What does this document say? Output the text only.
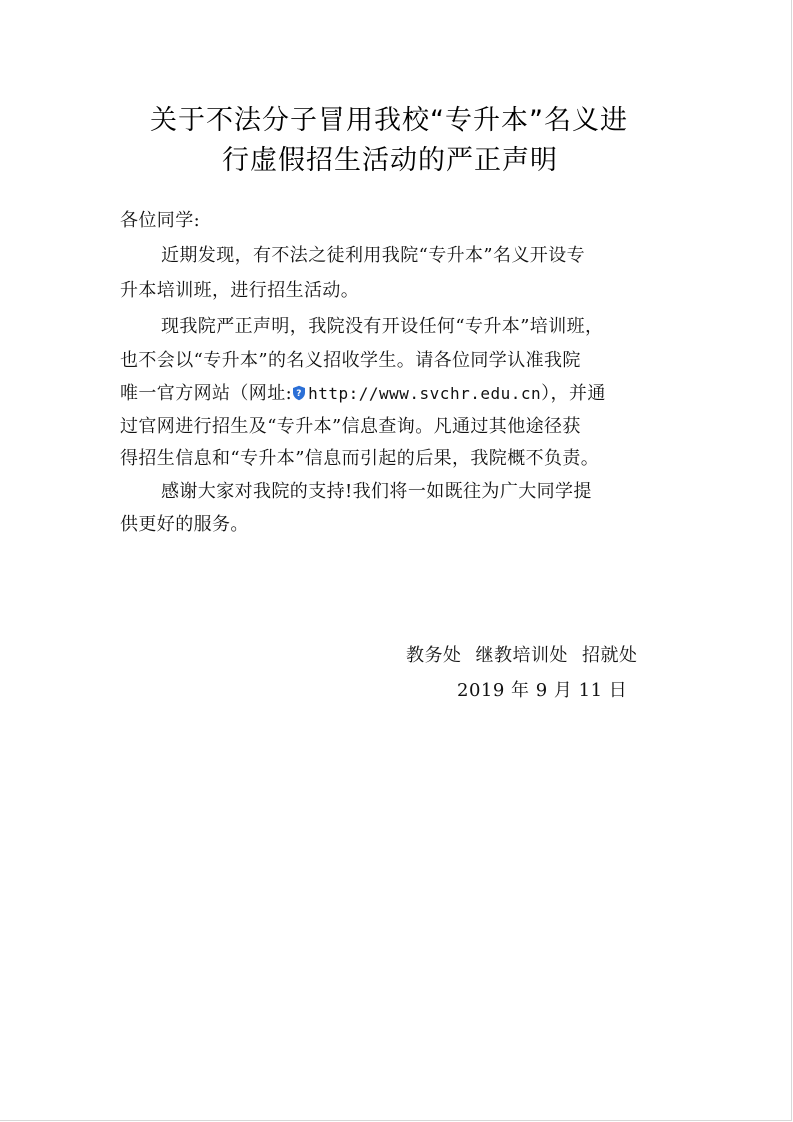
关于不法分子冒用我校“专升本”名义进
行虚假招生活动的严正声明
各位同学:
近期发现，有不法之徒利用我院“专升本”名义开设专
升本培训班，进行招生活动。
现我院严正声明，我院没有开设任何“专升本”培训班，
也不会以“专升本”的名义招收学生。请各位同学认准我院
唯一官方网站（网址: ? http://www.svchr.edu.cn），并通
过官网进行招生及“专升本”信息查询。凡通过其他途径获
得招生信息和“专升本”信息而引起的后果，我院概不负责。
感谢大家对我院的支持!我们将一如既往为广大同学提
供更好的服务。
教务处 继教培训处 招就处
2019 年 9 月 11 日
